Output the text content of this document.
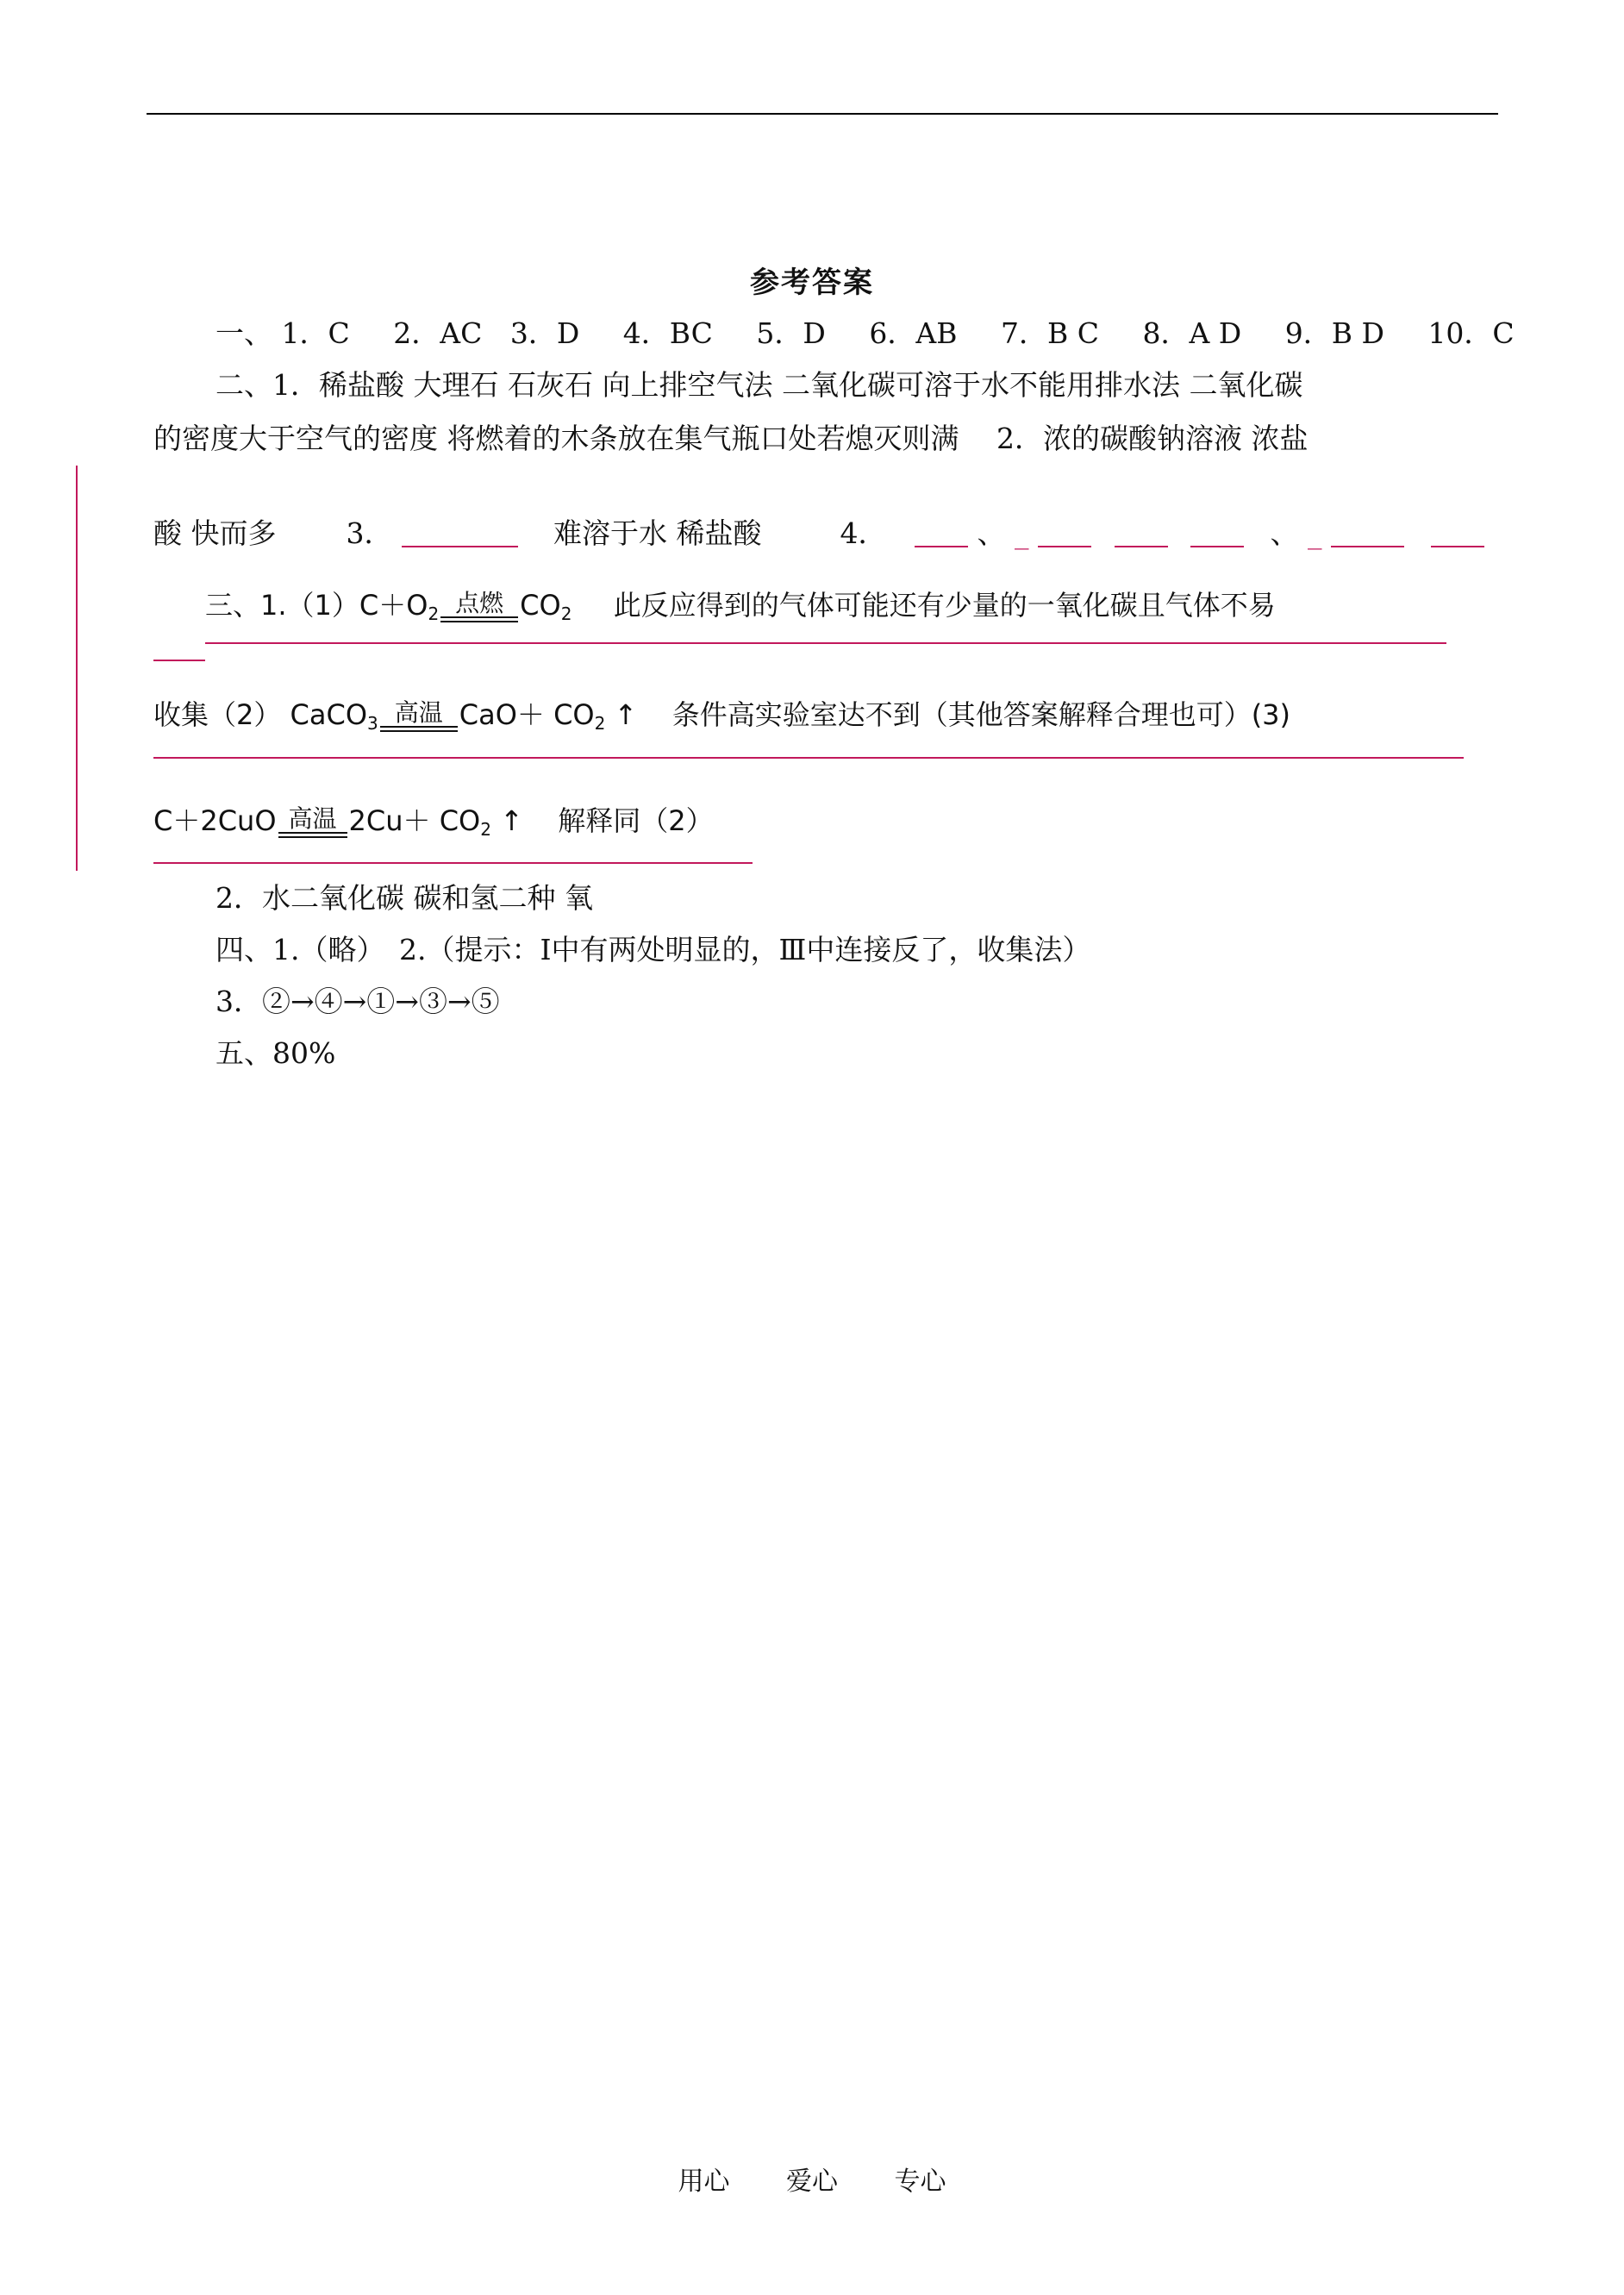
参考答案
一、 1．C 2．AC 3．D 4．BC 5．D 6．AB 7．B C 8．A D 9．B D 10．C
二、1．稀盐酸 大理石 石灰石 向上排空气法 二氧化碳可溶于水不能用排水法 二氧化碳
的密度大于空气的密度 将燃着的木条放在集气瓶口处若熄灭则满　 2．浓的碳酸钠溶液 浓盐
酸 快而多 3．	难溶于水 稀盐酸	4．	、 _	、 _
三、$1.(1)C+O_2$ 点燃 $CO_2$ 此反应得到的气体可能还有少量的一氧化碳且气体不易
收集（2） CaCO$_3$ 高温 $CaO+ CO_2$ ↑ 条件高实验室达不到（其他答案解释合理也可）(3)
C＋2CuO 高温 $2Cu+ CO_2$ ↑ 解释同（2）
2．水二氧化碳 碳和氢二种 氧
四、1.（略）　2.（提示：Ⅰ中有两处明显的，Ⅲ中连接反了，收集法）
3．②→④→①→③→⑤
五、80%
用心 爱心 专心
